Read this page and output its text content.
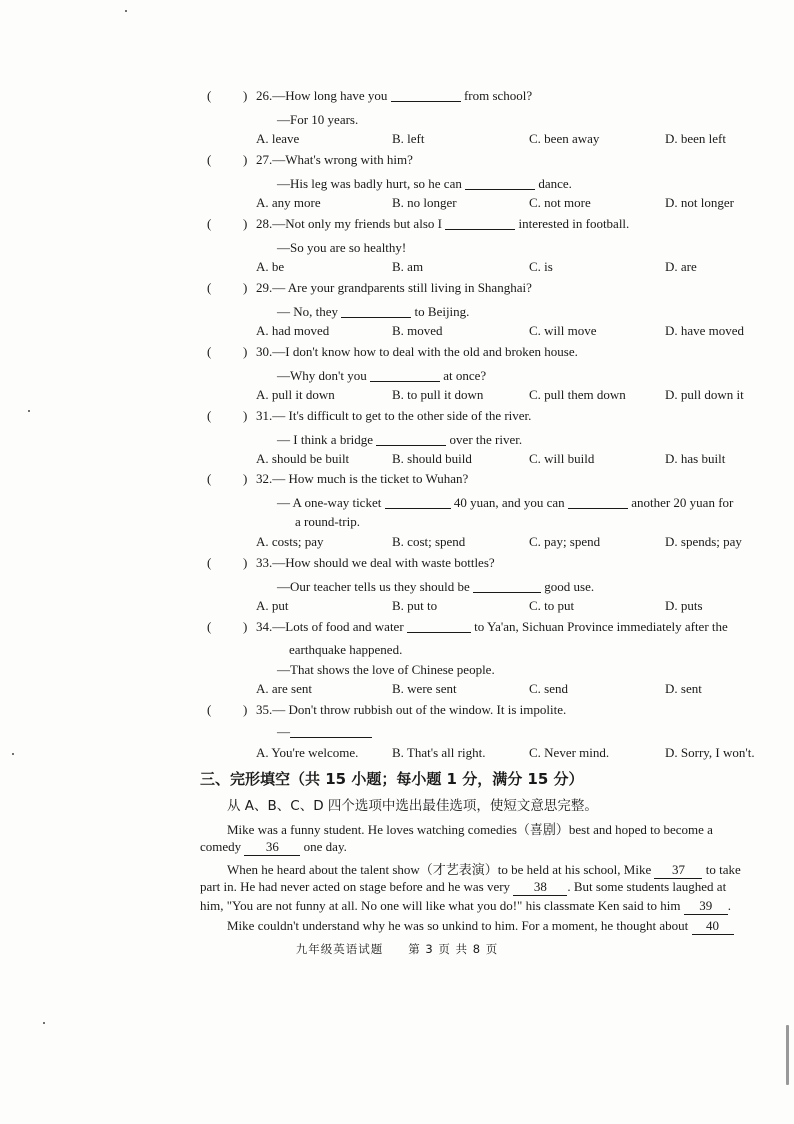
( ) 26.—How long have you	from school?
—For 10 years.
A. leave	B. left	C. been away	D. been left
( ) 27.—What's wrong with him?
—His leg was badly hurt, so he can	dance.
A. any more	B. no longer	C. not more	D. not longer
( ) 28.—Not only my friends but also I	interested in football.
—So you are so healthy!
A. be	B. am	C. is	D. are
( ) 29.— Are your grandparents still living in Shanghai?
— No, they	to Beijing.
A. had moved	B. moved	C. will move	D. have moved
( ) 30.—I don't know how to deal with the old and broken house.
—Why don't you	at once?
A. pull it down	B. to pull it down	C. pull them down	D. pull down it
( ) 31.— It's difficult to get to the other side of the river.
— I think a bridge	over the river.
A. should be built	B. should build	C. will build	D. has built
( ) 32.— How much is the ticket to Wuhan?
— A one-way ticket	40 yuan, and you can	another 20 yuan for
a round-trip.
A. costs; pay	B. cost; spend	C. pay; spend	D. spends; pay
( ) 33.—How should we deal with waste bottles?
—Our teacher tells us they should be	good use.
A. put	B. put to	C. to put	D. puts
( ) 34.—Lots of food and water	to Ya'an, Sichuan Province immediately after the
earthquake happened.
—That shows the love of Chinese people.
A. are sent	B. were sent	C. send	D. sent
( ) 35.— Don't throw rubbish out of the window. It is impolite.
—
A. You're welcome.	B. That's all right.	C. Never mind.	D. Sorry, I won't.
三、完形填空（共 15 小题；每小题 1 分，满分 15 分）
从 A、B、C、D 四个选项中选出最佳选项，使短文意思完整。
Mike was a funny student. He loves watching comedies（喜剧）best and hoped to become a
comedy 36 one day.
When he heard about the talent show（才艺表演）to be held at his school, Mike 37 to take
part in. He had never acted on stage before and he was very 38 . But some students laughed at
him, "You are not funny at all. No one will like what you do!" his classmate Ken said to him 39 .
Mike couldn't understand why he was so unkind to him. For a moment, he thought about 40
九年级英语试题　　第 3 页 共 8 页
